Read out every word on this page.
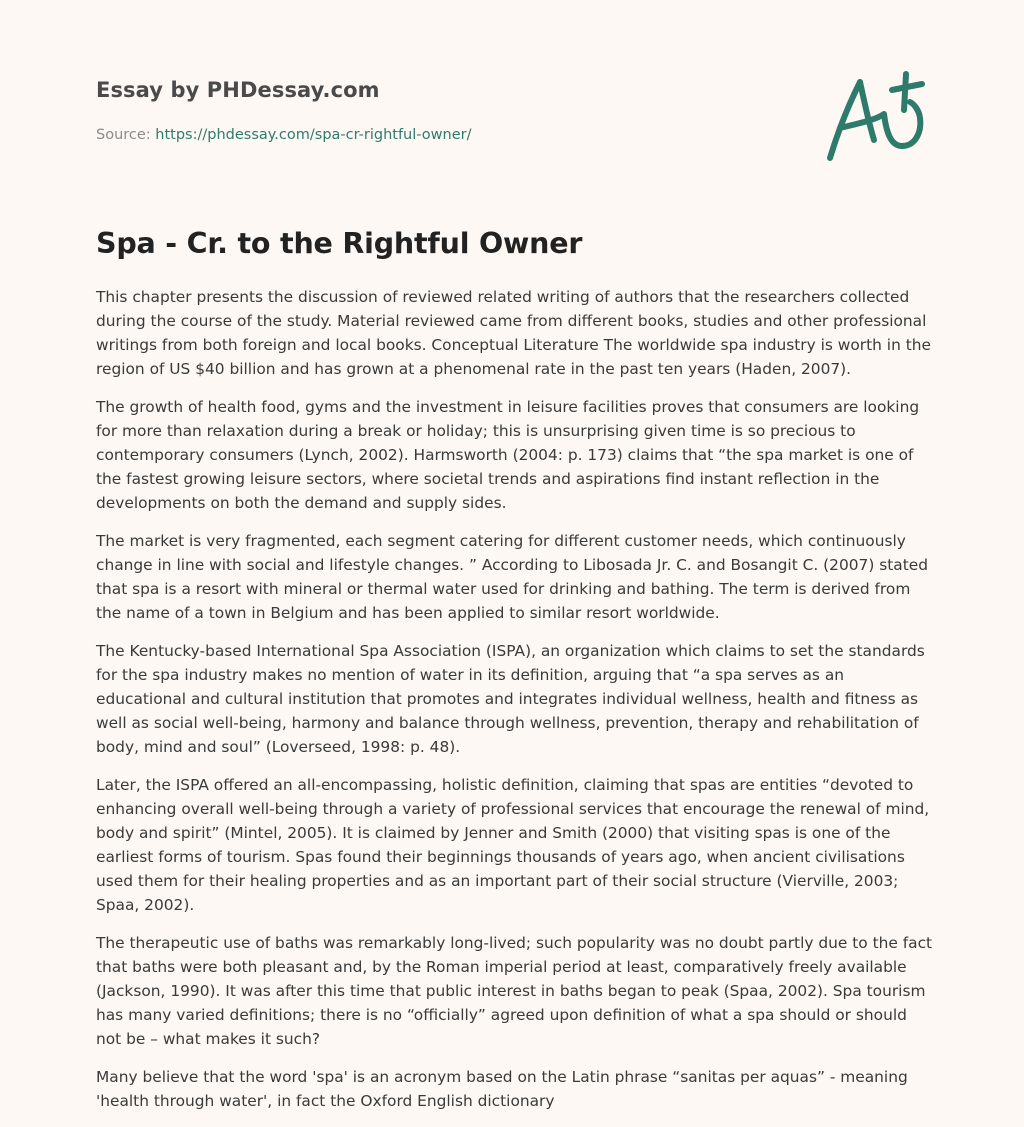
Essay by PHDessay.com
Source: https://phdessay.com/spa-cr-rightful-owner/
Spa - Cr. to the Rightful Owner

This chapter presents the discussion of reviewed related writing of authors that the researchers collected during the course of the study. Material reviewed came from different books, studies and other professional writings from both foreign and local books. Conceptual Literature The worldwide spa industry is worth in the region of US $40 billion and has grown at a phenomenal rate in the past ten years (Haden, 2007).

The growth of health food, gyms and the investment in leisure facilities proves that consumers are looking for more than relaxation during a break or holiday; this is unsurprising given time is so precious to contemporary consumers (Lynch, 2002). Harmsworth (2004: p. 173) claims that “the spa market is one of the fastest growing leisure sectors, where societal trends and aspirations find instant reflection in the developments on both the demand and supply sides.

The market is very fragmented, each segment catering for different customer needs, which continuously change in line with social and lifestyle changes. ” According to Libosada Jr. C. and Bosangit C. (2007) stated that spa is a resort with mineral or thermal water used for drinking and bathing. The term is derived from the name of a town in Belgium and has been applied to similar resort worldwide.

The Kentucky-based International Spa Association (ISPA), an organization which claims to set the standards for the spa industry makes no mention of water in its definition, arguing that “a spa serves as an educational and cultural institution that promotes and integrates individual wellness, health and fitness as well as social well-being, harmony and balance through wellness, prevention, therapy and rehabilitation of body, mind and soul” (Loverseed, 1998: p. 48).

Later, the ISPA offered an all-encompassing, holistic definition, claiming that spas are entities “devoted to enhancing overall well-being through a variety of professional services that encourage the renewal of mind, body and spirit” (Mintel, 2005). It is claimed by Jenner and Smith (2000) that visiting spas is one of the earliest forms of tourism. Spas found their beginnings thousands of years ago, when ancient civilisations used them for their healing properties and as an important part of their social structure (Vierville, 2003; Spaa, 2002).

The therapeutic use of baths was remarkably long-lived; such popularity was no doubt partly due to the fact that baths were both pleasant and, by the Roman imperial period at least, comparatively freely available (Jackson, 1990). It was after this time that public interest in baths began to peak (Spaa, 2002). Spa tourism has many varied definitions; there is no “officially” agreed upon definition of what a spa should or should not be – what makes it such?

Many believe that the word 'spa' is an acronym based on the Latin phrase “sanitas per aquas” - meaning 'health through water', in fact the Oxford English dictionary
